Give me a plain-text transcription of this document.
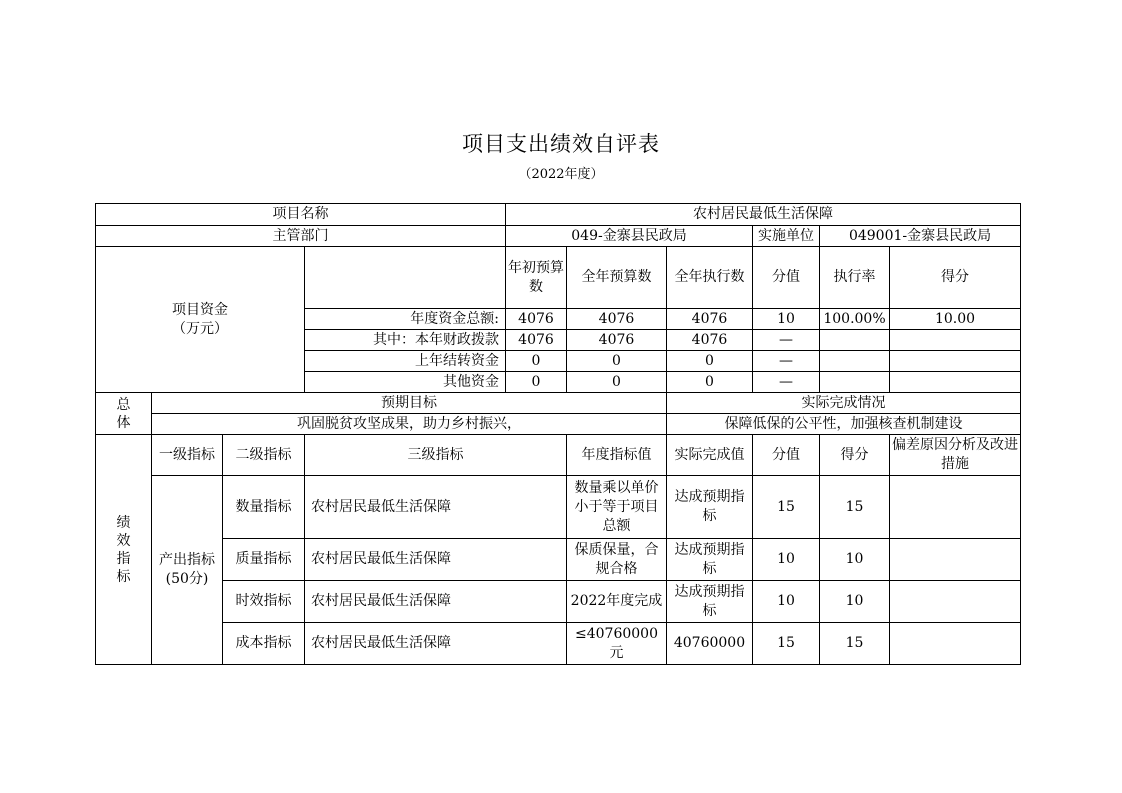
项目支出绩效自评表
（2022年度）
项目名称				农村居民最低生活保障					
主管部门				049-金寨县民政局			实施单位	049001-金寨县民政局	

项目资金
（万元）				年初预算数	全年预算数	全年执行数	分值	执行率	得分
			年度资金总额:	4076	4076	4076	10	100.00%	10.00
			其中：本年财政拨款	4076	4076	4076	—		
			上年结转资金	0	0	0	—		
			其他资金	0	0	0	—		

总体	预期目标					实际完成情况			
	巩固脱贫攻坚成果，助力乡村振兴，					保障低保的公平性，加强核查机制建设			

绩效指标	一级指标	二级指标	三级指标		年度指标值	实际完成值	分值	得分	偏差原因分析及改进措施

	产出指标(50分)	数量指标	农村居民最低生活保障		数量乘以单价小于等于项目总额	达成预期指标	15	15	
		质量指标	农村居民最低生活保障		保质保量，合规合格	达成预期指标	10	10	
		时效指标	农村居民最低生活保障		2022年度完成	达成预期指标	10	10	
		成本指标	农村居民最低生活保障		≤40760000元	40760000	15	15	
